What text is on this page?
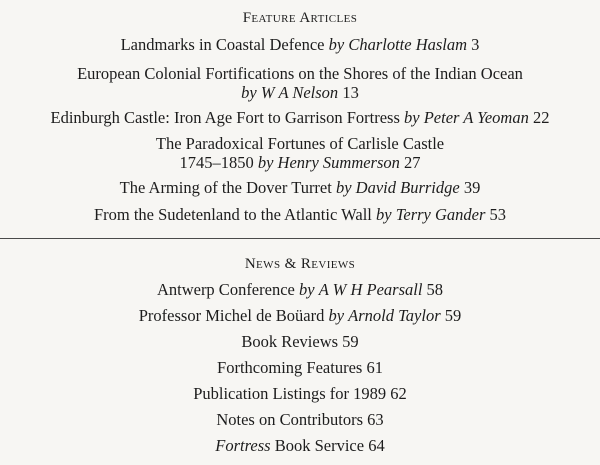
Feature Articles
Landmarks in Coastal Defence by Charlotte Haslam 3
European Colonial Fortifications on the Shores of the Indian Ocean
by W A Nelson 13
Edinburgh Castle: Iron Age Fort to Garrison Fortress by Peter A Yeoman 22
The Paradoxical Fortunes of Carlisle Castle
1745–1850 by Henry Summerson 27
The Arming of the Dover Turret by David Burridge 39
From the Sudetenland to the Atlantic Wall by Terry Gander 53
News & Reviews
Antwerp Conference by A W H Pearsall 58
Professor Michel de Boüard by Arnold Taylor 59
Book Reviews 59
Forthcoming Features 61
Publication Listings for 1989 62
Notes on Contributors 63
Fortress Book Service 64
